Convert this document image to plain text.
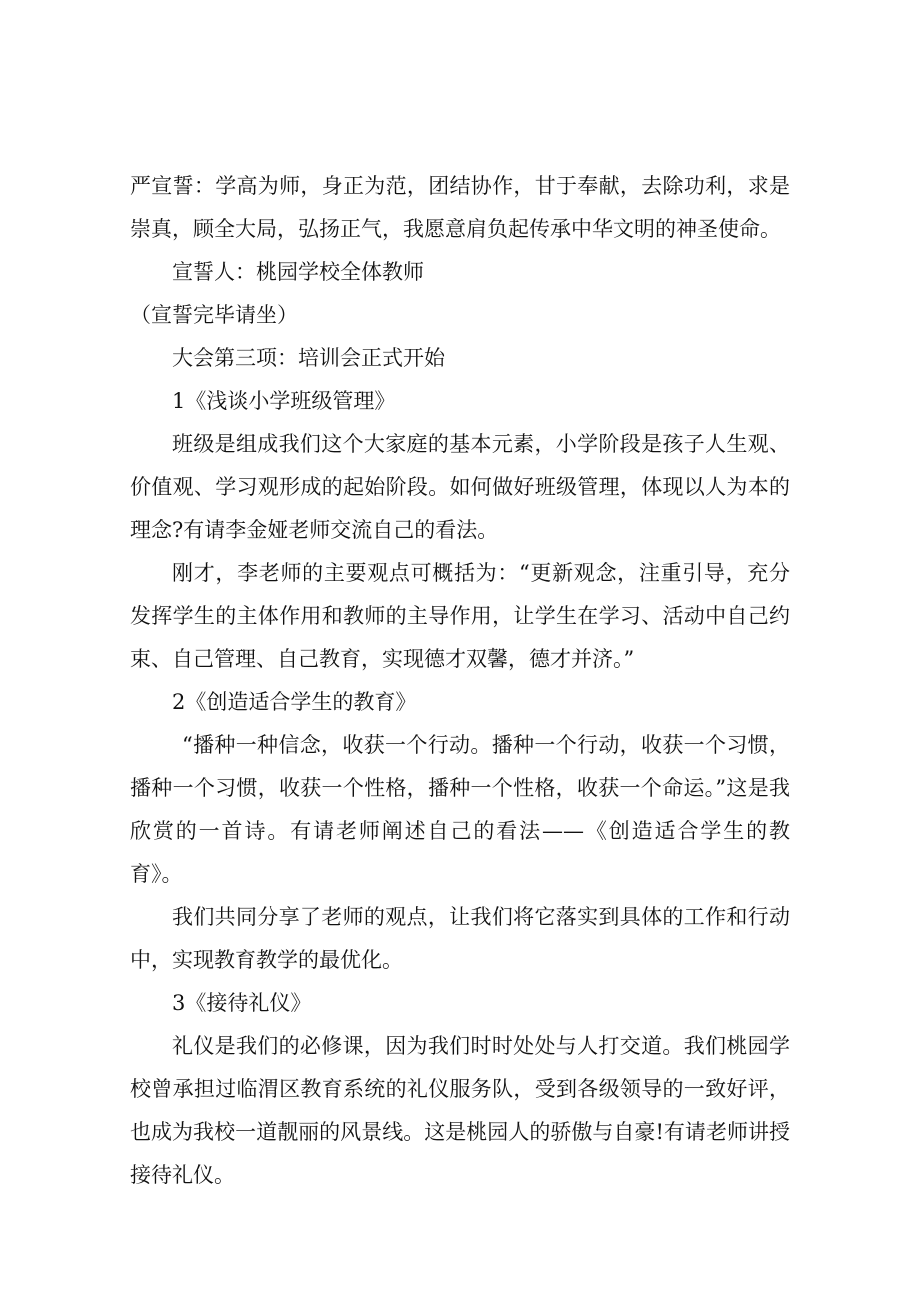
严宣誓：学高为师，身正为范，团结协作，甘于奉献，去除功利，求是崇真，顾全大局，弘扬正气，我愿意肩负起传承中华文明的神圣使命。

宣誓人：桃园学校全体教师

（宣誓完毕请坐）

大会第三项：培训会正式开始

1《浅谈小学班级管理》

班级是组成我们这个大家庭的基本元素，小学阶段是孩子人生观、价值观、学习观形成的起始阶段。如何做好班级管理，体现以人为本的理念?有请李金娅老师交流自己的看法。

刚才，李老师的主要观点可概括为：“更新观念，注重引导，充分发挥学生的主体作用和教师的主导作用，让学生在学习、活动中自己约束、自己管理、自己教育，实现德才双馨，德才并济。”

2《创造适合学生的教育》

“播种一种信念，收获一个行动。播种一个行动，收获一个习惯，播种一个习惯，收获一个性格，播种一个性格，收获一个命运。”这是我欣赏的一首诗。有请老师阐述自己的看法——《创造适合学生的教育》。

我们共同分享了老师的观点，让我们将它落实到具体的工作和行动中，实现教育教学的最优化。

3《接待礼仪》

礼仪是我们的必修课，因为我们时时处处与人打交道。我们桃园学校曾承担过临渭区教育系统的礼仪服务队，受到各级领导的一致好评，也成为我校一道靓丽的风景线。这是桃园人的骄傲与自豪!有请老师讲授接待礼仪。
